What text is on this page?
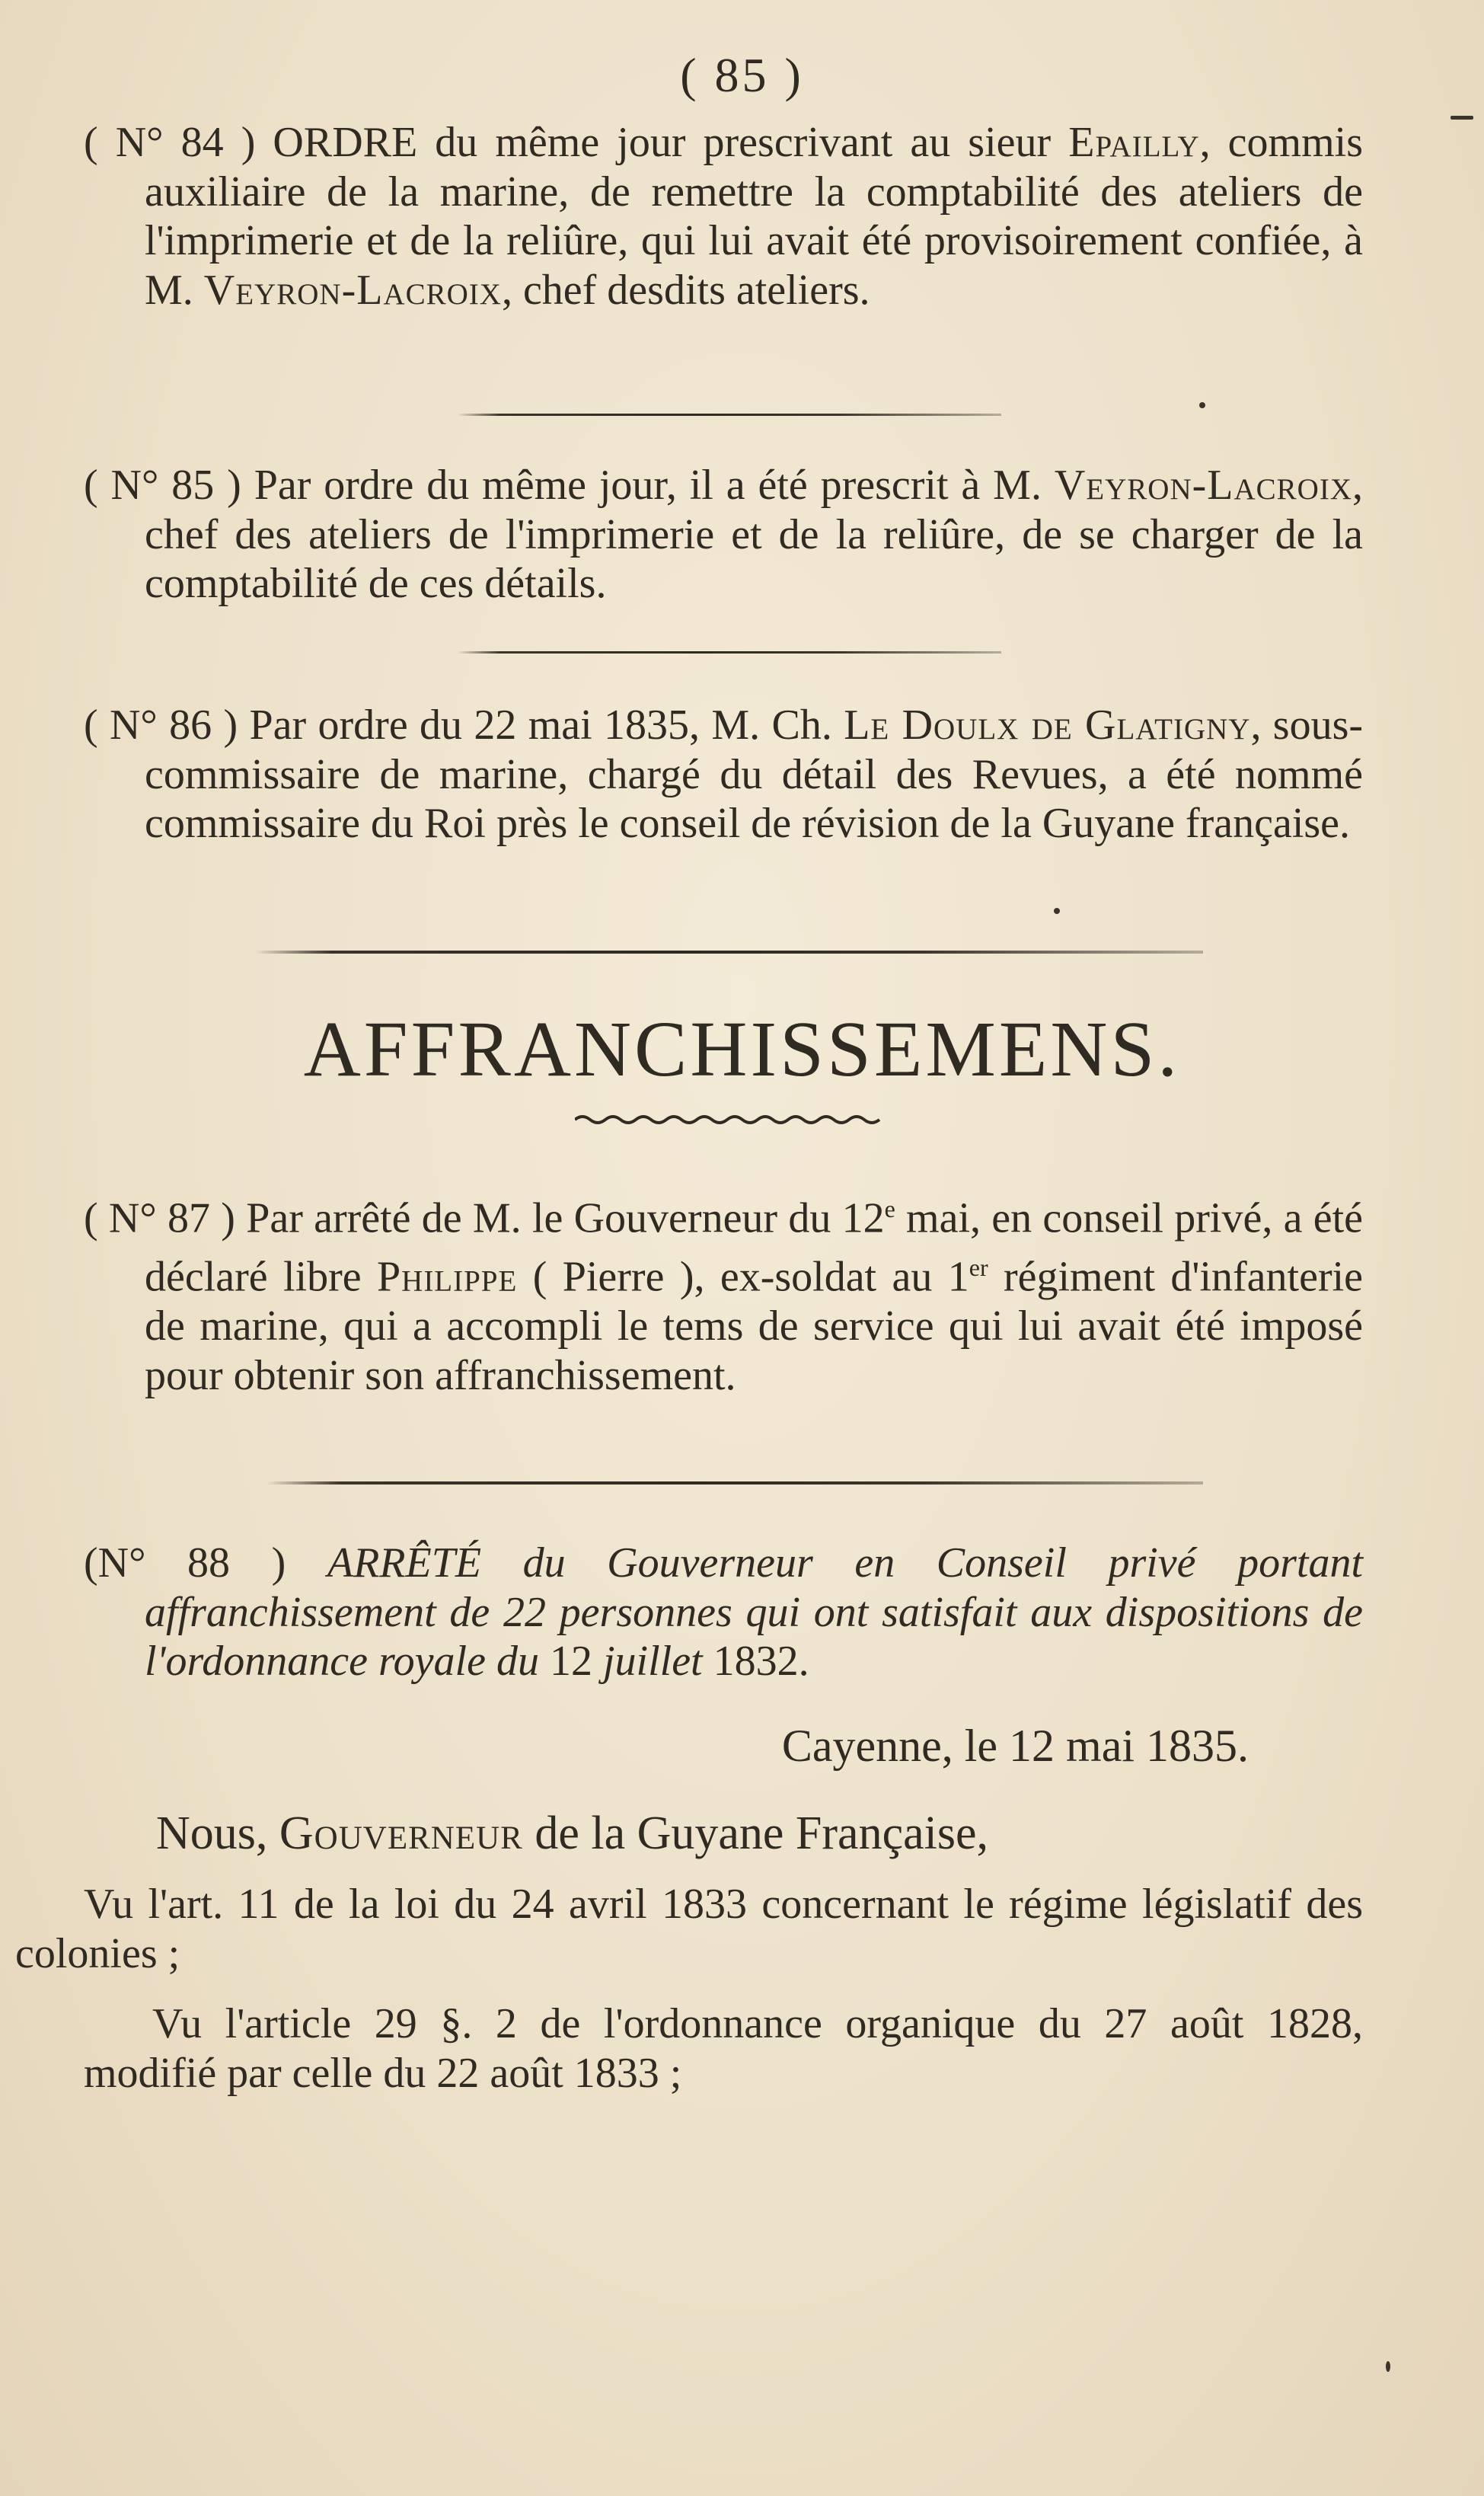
( 85 )

( N° 84 ) ORDRE du même jour prescrivant au sieur Epailly, commis auxiliaire de la marine, de remettre la comptabilité des ateliers de l'imprimerie et de la reliûre, qui lui avait été provisoirement confiée, à M. Veyron-Lacroix, chef desdits ateliers.

( N° 85 ) Par ordre du même jour, il a été prescrit à M. Veyron-Lacroix, chef des ateliers de l'imprimerie et de la reliûre, de se charger de la comptabilité de ces détails.

( N° 86 ) Par ordre du 22 mai 1835, M. Ch. Le Doulx de Glatigny, sous-commissaire de marine, chargé du détail des Revues, a été nommé commissaire du Roi près le conseil de révision de la Guyane française.

AFFRANCHISSEMENS.

( N° 87 ) Par arrêté de M. le Gouverneur du 12e mai, en conseil privé, a été déclaré libre Philippe ( Pierre ), ex-soldat au 1er régiment d'infanterie de marine, qui a accompli le tems de service qui lui avait été imposé pour obtenir son affranchissement.

(N° 88 ) ARRÊTÉ du Gouverneur en Conseil privé portant affranchissement de 22 personnes qui ont satisfait aux dispositions de l'ordonnance royale du 12 juillet 1832.

Cayenne, le 12 mai 1835.
Nous, Gouverneur de la Guyane Française,

Vu l'art. 11 de la loi du 24 avril 1833 concernant le régime législatif des colonies ;

Vu l'article 29 §. 2 de l'ordonnance organique du 27 août 1828, modifié par celle du 22 août 1833 ;
